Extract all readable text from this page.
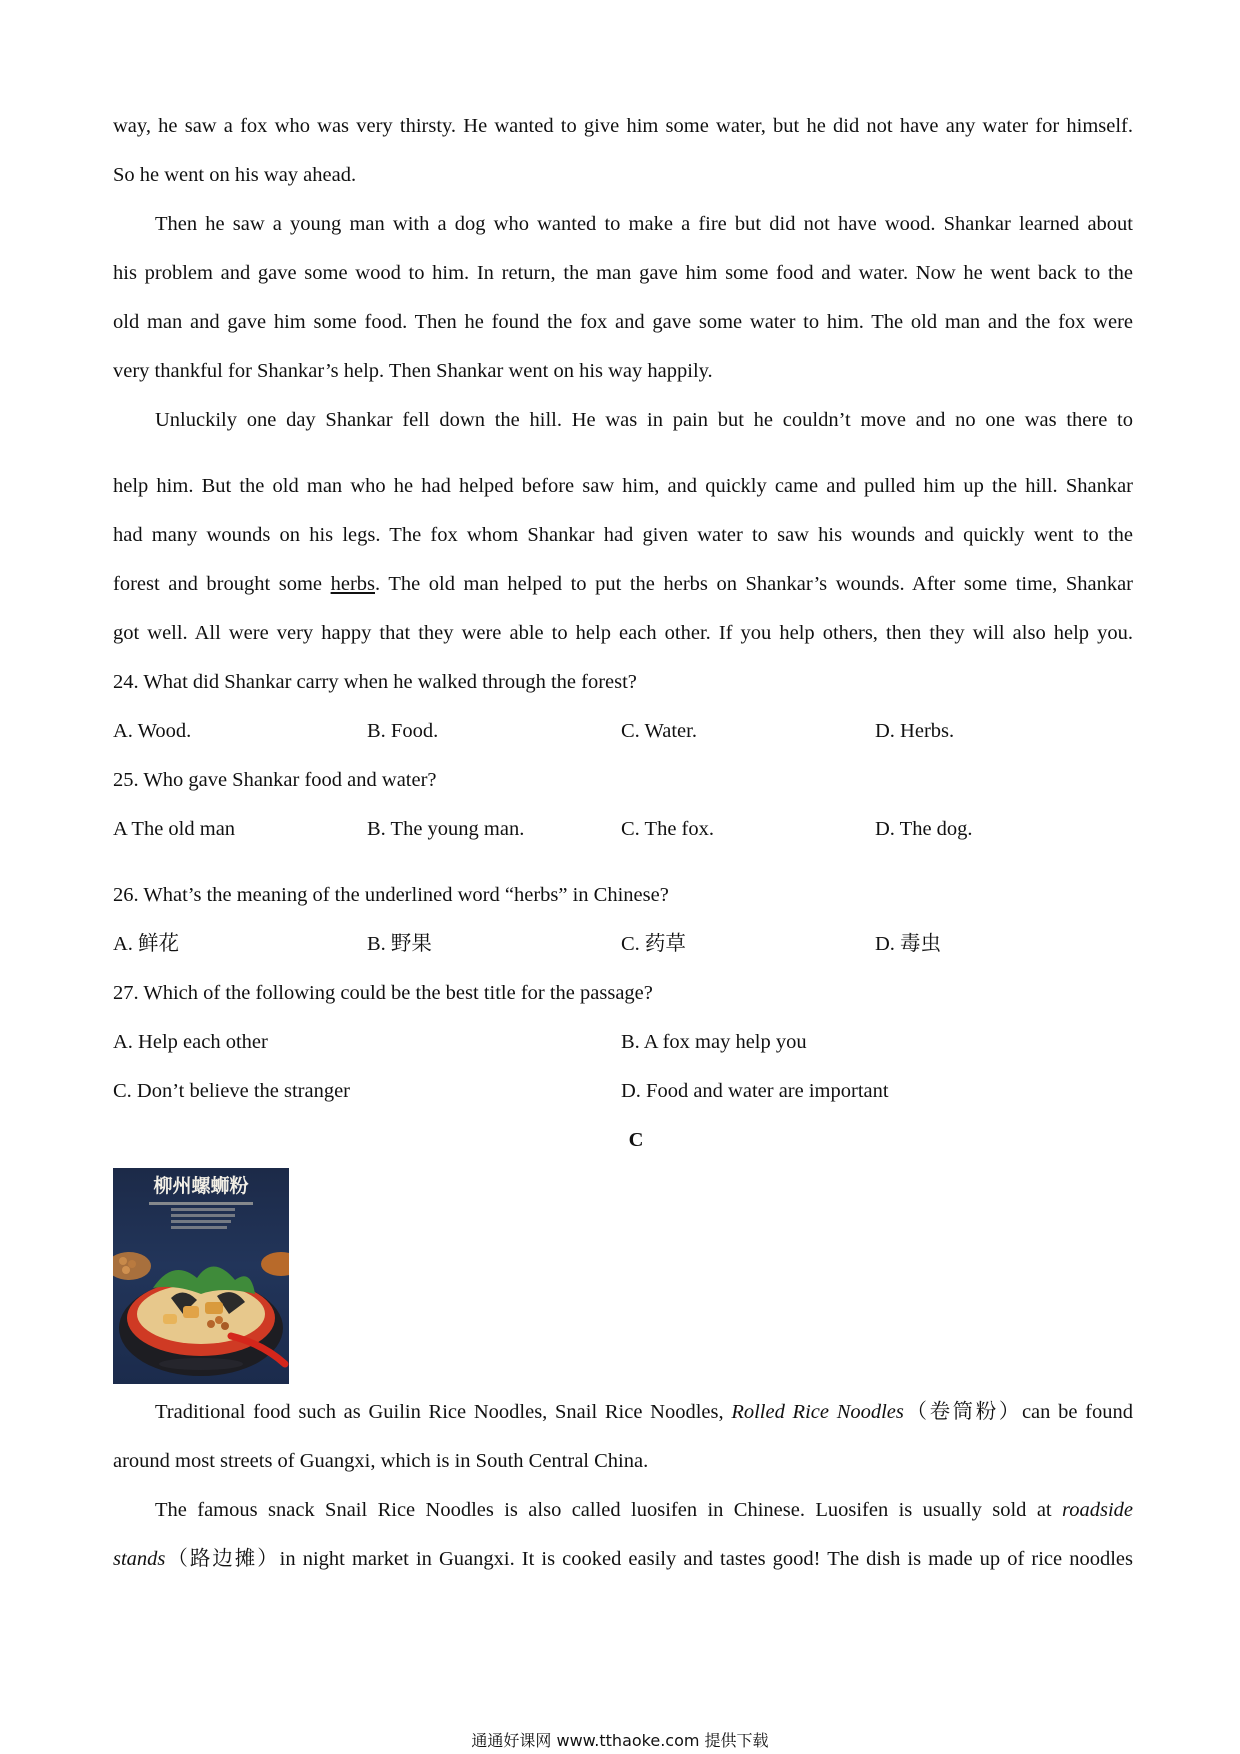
way, he saw a fox who was very thirsty. He wanted to give him some water, but he did not have any water for himself.
So he went on his way ahead.
Then he saw a young man with a dog who wanted to make a fire but did not have wood. Shankar learned about
his problem and gave some wood to him. In return, the man gave him some food and water. Now he went back to the
old man and gave him some food. Then he found the fox and gave some water to him. The old man and the fox were
very thankful for Shankar’s help. Then Shankar went on his way happily.
Unluckily one day Shankar fell down the hill. He was in pain but he couldn’t move and no one was there to
help him. But the old man who he had helped before saw him, and quickly came and pulled him up the hill. Shankar
had many wounds on his legs. The fox whom Shankar had given water to saw his wounds and quickly went to the
forest and brought some herbs. The old man helped to put the herbs on Shankar’s wounds. After some time, Shankar
got well. All were very happy that they were able to help each other. If you help others, then they will also help you.
24. What did Shankar carry when he walked through the forest?
A. Wood.	B. Food.	C. Water.	D. Herbs.
25. Who gave Shankar food and water?
A The old man	B. The young man.	C. The fox.	D. The dog.
26. What’s the meaning of the underlined word “herbs” in Chinese?
A. 鲜花	B. 野果	C. 药草	D. 毒虫
27. Which of the following could be the best title for the passage?
A. Help each other	B. A fox may help you
C. Don’t believe the stranger	D. Food and water are important
C
柳州螺蛳粉
Traditional food such as Guilin Rice Noodles, Snail Rice Noodles, Rolled Rice Noodles（卷筒粉）can be found
around most streets of Guangxi, which is in South Central China.
The famous snack Snail Rice Noodles is also called luosifen in Chinese. Luosifen is usually sold at roadside
stands（路边摊）in night market in Guangxi. It is cooked easily and tastes good! The dish is made up of rice noodles
通通好课网 www.tthaoke.com 提供下载
